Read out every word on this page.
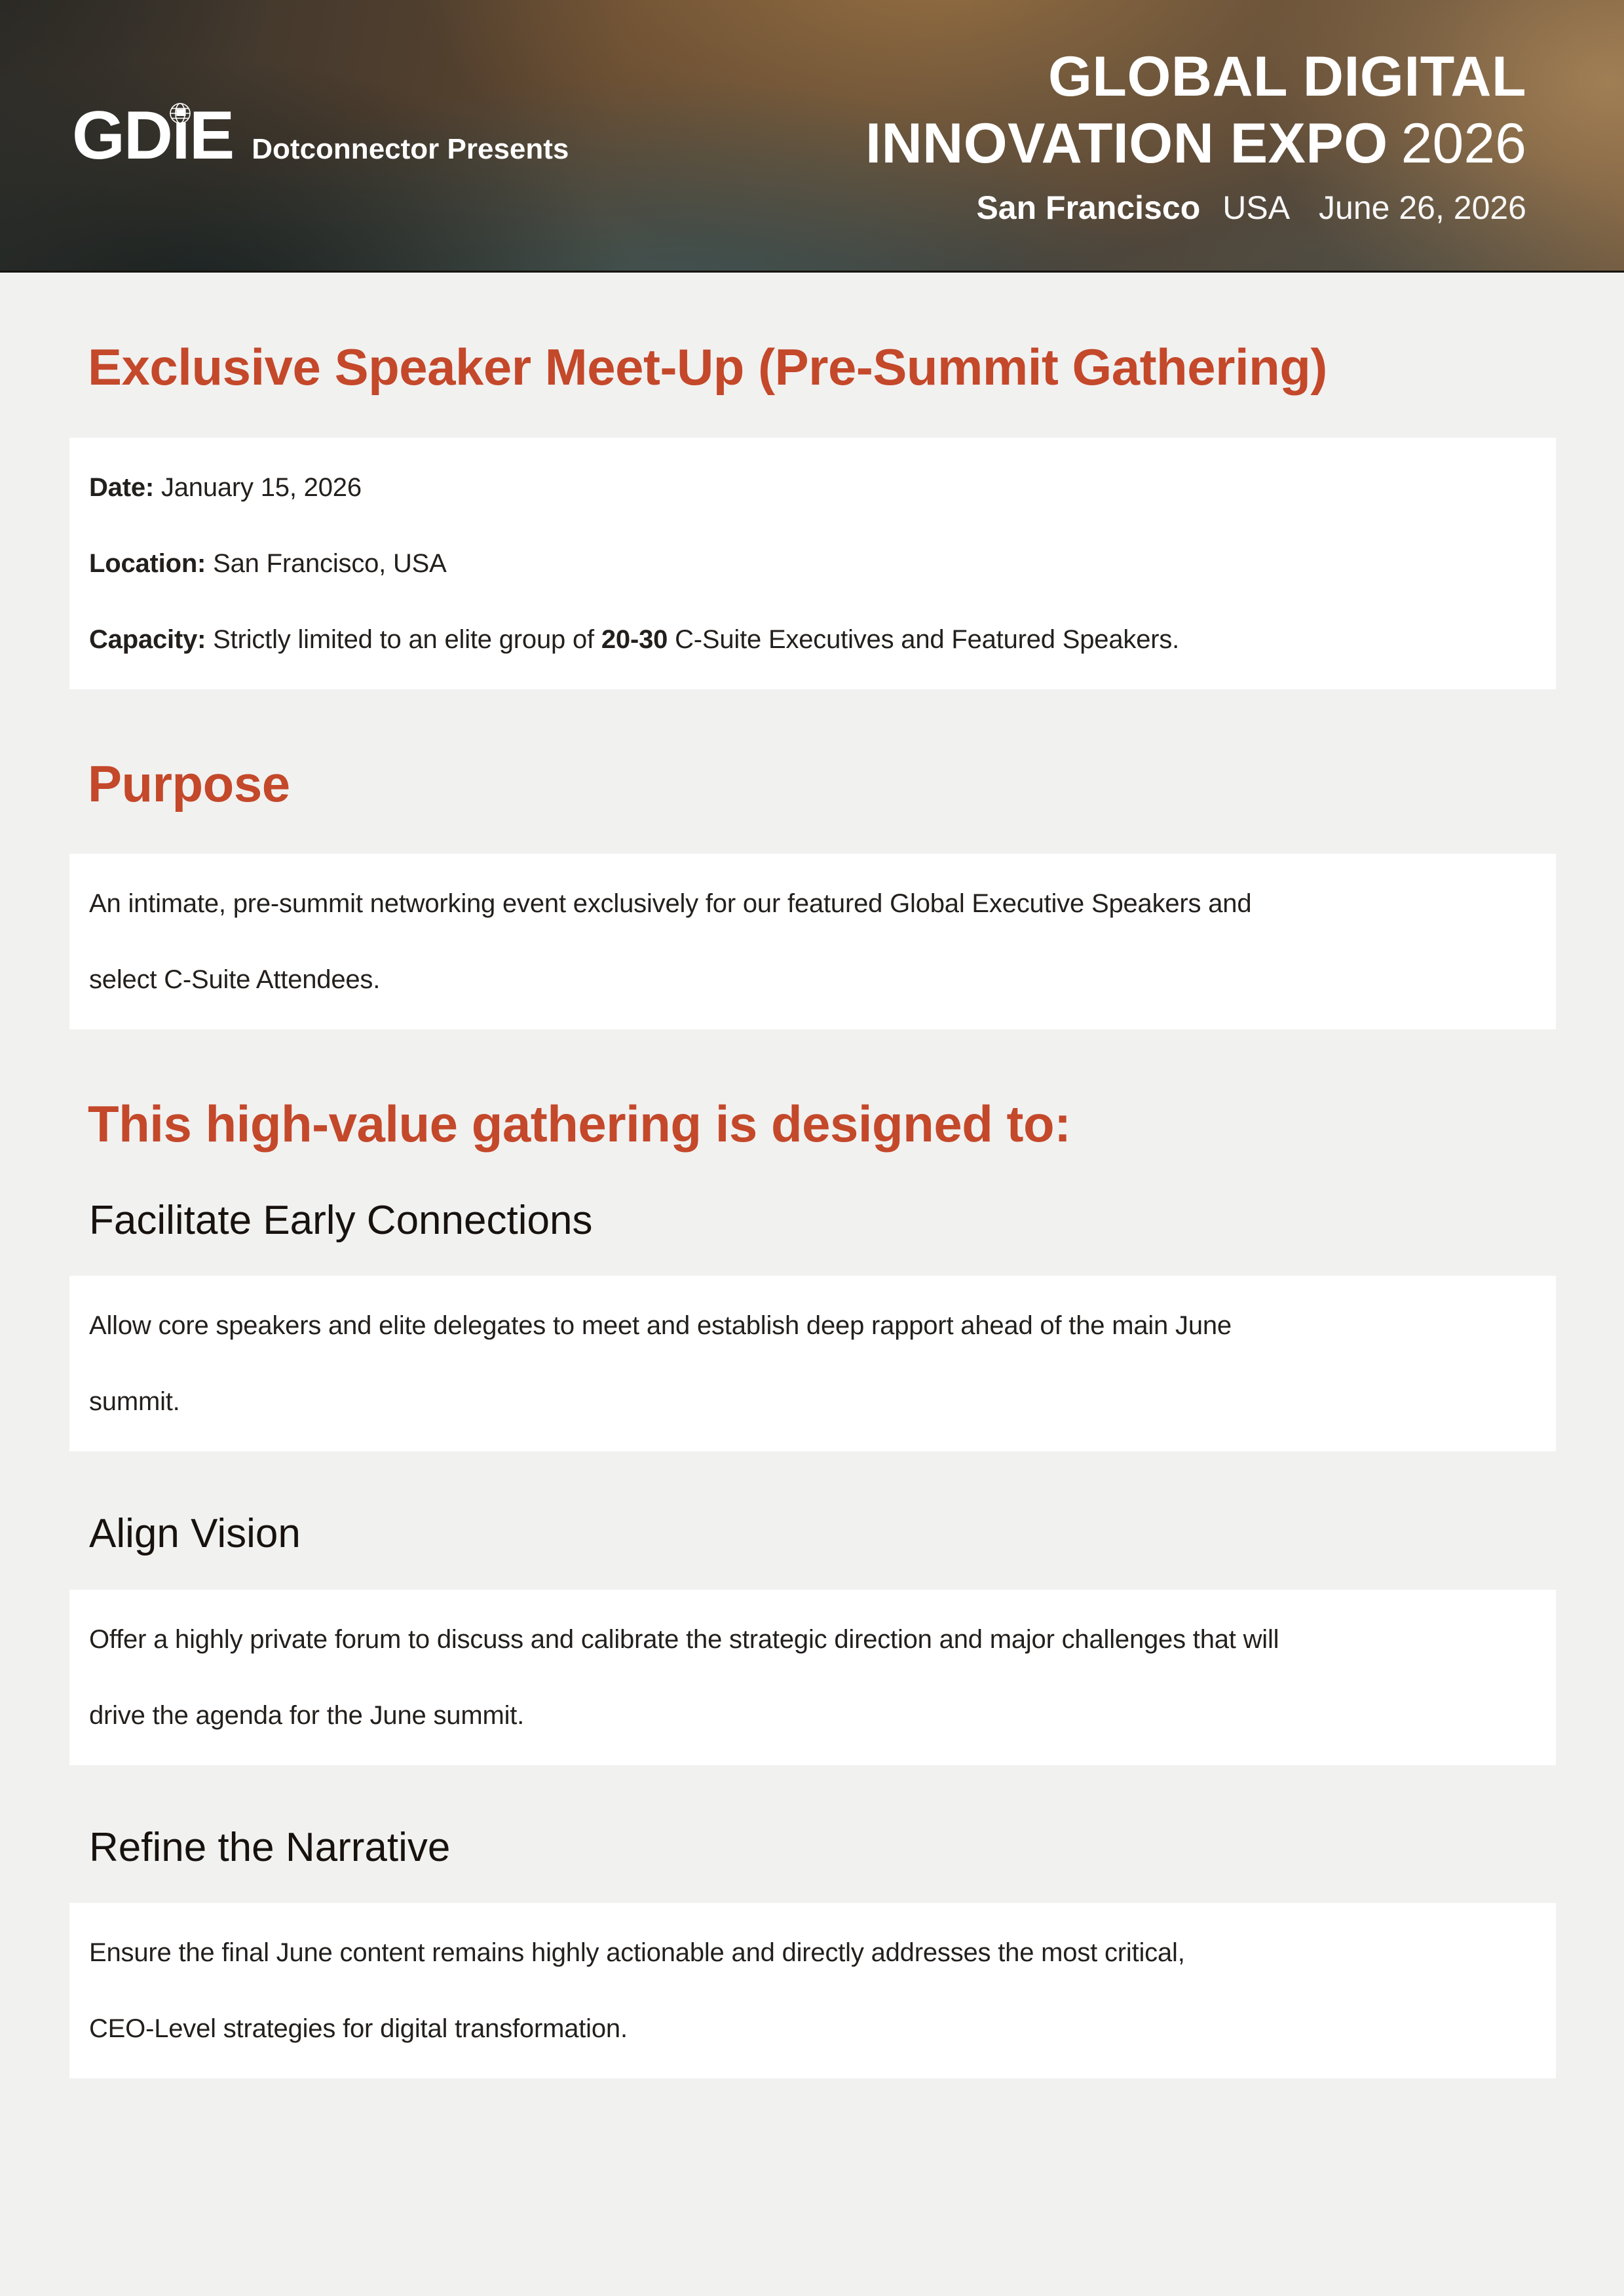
GDi
E Dotconnector Presents
GLOBAL DIGITAL
INNOVATION EXPO 2026
San Francisco USA June 26, 2026
Exclusive Speaker Meet-Up (Pre-Summit Gathering)
Date: January 15, 2026
Location: San Francisco, USA
Capacity: Strictly limited to an elite group of 20-30 C-Suite Executives and Featured Speakers.
Purpose
An intimate, pre-summit networking event exclusively for our featured Global Executive Speakers and
select C-Suite Attendees.
This high-value gathering is designed to:
Facilitate Early Connections
Allow core speakers and elite delegates to meet and establish deep rapport ahead of the main June
summit.
Align Vision
Offer a highly private forum to discuss and calibrate the strategic direction and major challenges that will
drive the agenda for the June summit.
Refine the Narrative
Ensure the final June content remains highly actionable and directly addresses the most critical,
CEO-Level strategies for digital transformation.
